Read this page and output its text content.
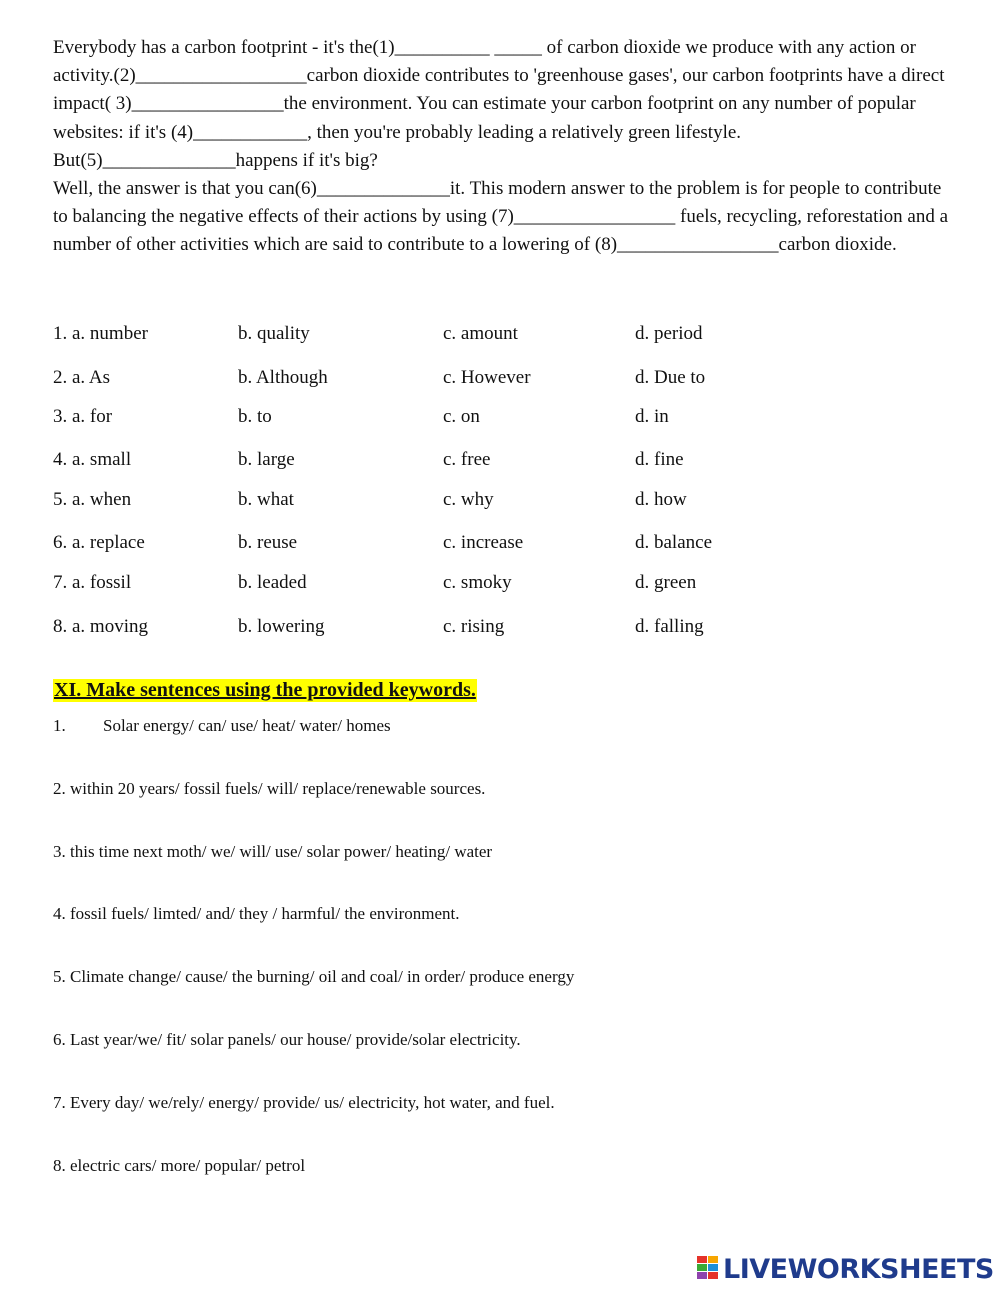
Everybody has a carbon footprint - it's the(1)__________ _____ of carbon dioxide we produce with any action or activity.(2)__________________carbon dioxide contributes to 'greenhouse gases', our carbon footprints have a direct impact( 3)________________the environment. You can estimate your carbon footprint on any number of popular websites: if it's (4)____________, then you're probably leading a relatively green lifestyle. But(5)______________happens if it's big?

Well, the answer is that you can(6)______________it. This modern answer to the problem is for people to contribute to balancing the negative effects of their actions by using (7)_________________ fuels, recycling, reforestation and a number of other activities which are said to contribute to a lowering of (8)_________________carbon dioxide.

1. a. number	b. quality	c. amount	d. period
2. a. As	b. Although	c. However	d. Due to
3. a. for	b. to	c. on	d. in
4. a. small	b. large	c. free	d. fine
5. a. when	b. what	c. why	d. how
6. a. replace	b. reuse	c. increase	d. balance
7. a. fossil	b. leaded	c. smoky	d. green
8. a. moving	b. lowering	c. rising	d. falling
XI. Make sentences using the provided keywords.
1. Solar energy/ can/ use/ heat/ water/ homes
2. within 20 years/ fossil fuels/ will/ replace/renewable sources.
3. this time next moth/ we/ will/ use/ solar power/ heating/ water
4. fossil fuels/ limted/ and/ they / harmful/ the environment.
5. Climate change/ cause/ the burning/ oil and coal/ in order/ produce energy
6. Last year/we/ fit/ solar panels/ our house/ provide/solar electricity.
7. Every day/ we/rely/ energy/ provide/ us/ electricity, hot water, and fuel.
8. electric cars/ more/ popular/ petrol
LIVEWORKSHEETS
